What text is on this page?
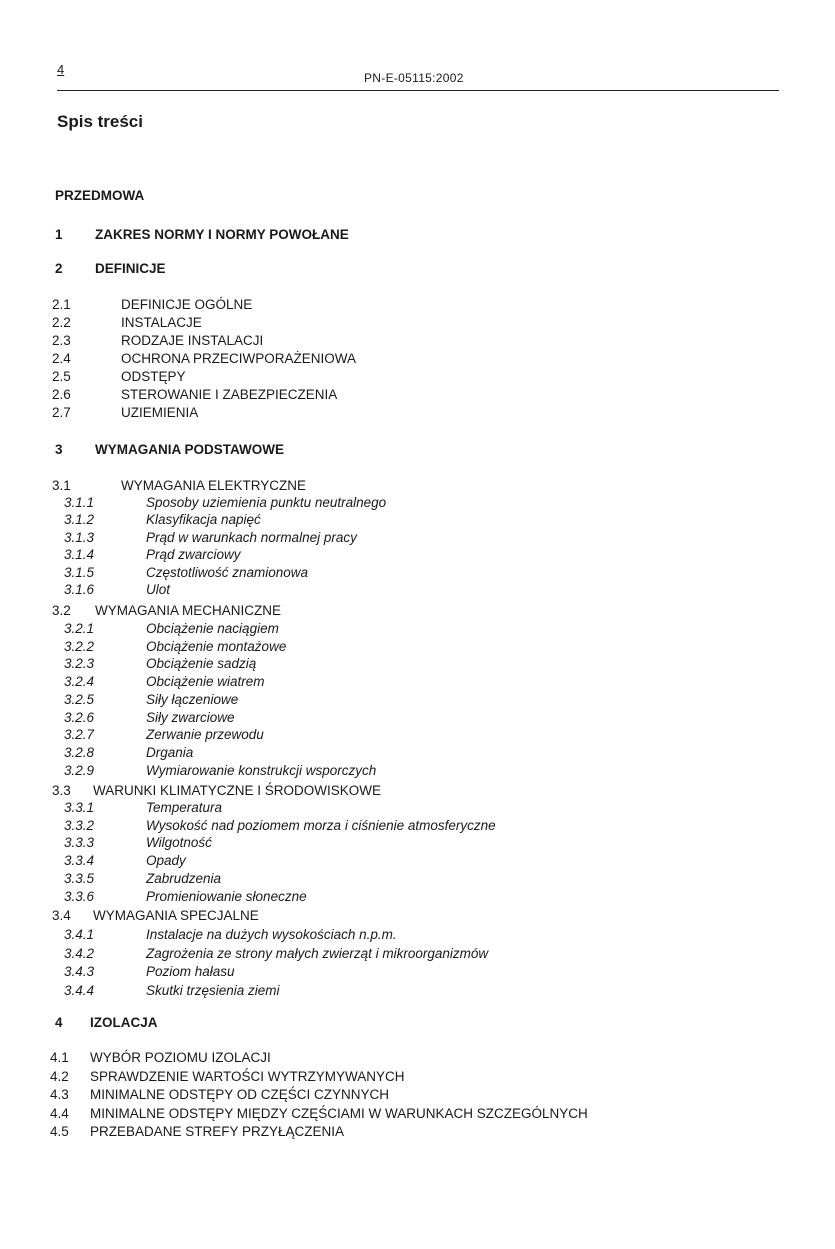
4
PN-E-05115:2002
Spis treści
PRZEDMOWA
1 ZAKRES NORMY I NORMY POWOŁANE
2 DEFINICJE
2.1	DEFINICJE OGÓLNE
2.2	INSTALACJE
2.3	RODZAJE INSTALACJI
2.4	OCHRONA PRZECIWPORAŻENIOWA
2.5	ODSTĘPY
2.6	STEROWANIE I ZABEZPIECZENIA
2.7	UZIEMIENIA
3 WYMAGANIA PODSTAWOWE
3.1	WYMAGANIA ELEKTRYCZNE
3.1.1	Sposoby uziemienia punktu neutralnego
3.1.2	Klasyfikacja napięć
3.1.3	Prąd w warunkach normalnej pracy
3.1.4	Prąd zwarciowy
3.1.5	Częstotliwość znamionowa
3.1.6	Ulot
3.2 WYMAGANIA MECHANICZNE
3.2.1	Obciążenie naciągiem
3.2.2	Obciążenie montażowe
3.2.3	Obciążenie sadzią
3.2.4	Obciążenie wiatrem
3.2.5	Siły łączeniowe
3.2.6	Siły zwarciowe
3.2.7	Zerwanie przewodu
3.2.8	Drgania
3.2.9	Wymiarowanie konstrukcji wsporczych
3.3 WARUNKI KLIMATYCZNE I ŚRODOWISKOWE
3.3.1	Temperatura
3.3.2	Wysokość nad poziomem morza i ciśnienie atmosferyczne
3.3.3	Wilgotność
3.3.4	Opady
3.3.5	Zabrudzenia
3.3.6	Promieniowanie słoneczne
3.4 WYMAGANIA SPECJALNE
3.4.1	Instalacje na dużych wysokościach n.p.m.
3.4.2	Zagrożenia ze strony małych zwierząt i mikroorganizmów
3.4.3	Poziom hałasu
3.4.4	Skutki trzęsienia ziemi
4 IZOLACJA
4.1 WYBÓR POZIOMU IZOLACJI
4.2 SPRAWDZENIE WARTOŚCI WYTRZYMYWANYCH
4.3 MINIMALNE ODSTĘPY OD CZĘŚCI CZYNNYCH
4.4 MINIMALNE ODSTĘPY MIĘDZY CZĘŚCIAMI W WARUNKACH SZCZEGÓLNYCH
4.5 PRZEBADANE STREFY PRZYŁĄCZENIA
